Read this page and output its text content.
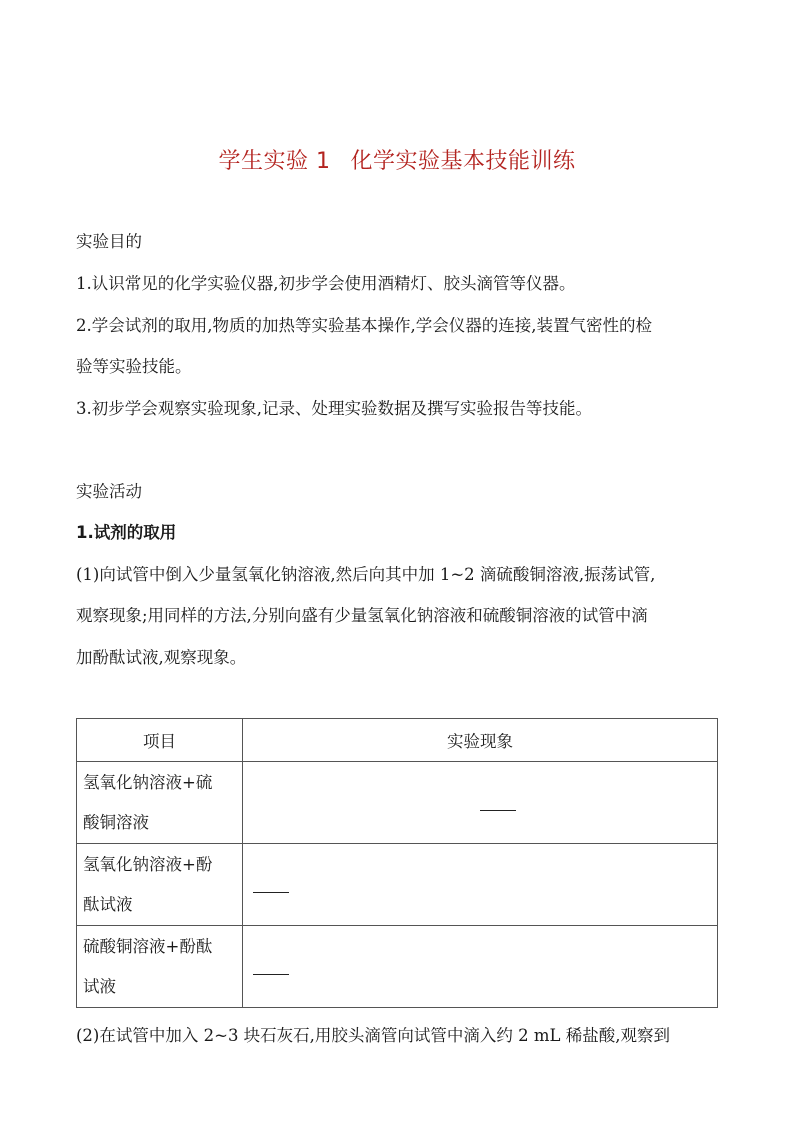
学生实验 1 化学实验基本技能训练
实验目的
1.认识常见的化学实验仪器,初步学会使用酒精灯、胶头滴管等仪器。
2.学会试剂的取用,物质的加热等实验基本操作,学会仪器的连接,装置气密性的检
验等实验技能。
3.初步学会观察实验现象,记录、处理实验数据及撰写实验报告等技能。
实验活动
1.试剂的取用
(1)向试管中倒入少量氢氧化钠溶液,然后向其中加 1~2 滴硫酸铜溶液,振荡试管,
观察现象;用同样的方法,分别向盛有少量氢氧化钠溶液和硫酸铜溶液的试管中滴
加酚酞试液,观察现象。
项目	实验现象

氢氧化钠溶液+硫
酸铜溶液	

氢氧化钠溶液+酚
酞试液	

硫酸铜溶液+酚酞
试液	

(2)在试管中加入 2~3 块石灰石,用胶头滴管向试管中滴入约 2 mL 稀盐酸,观察到
